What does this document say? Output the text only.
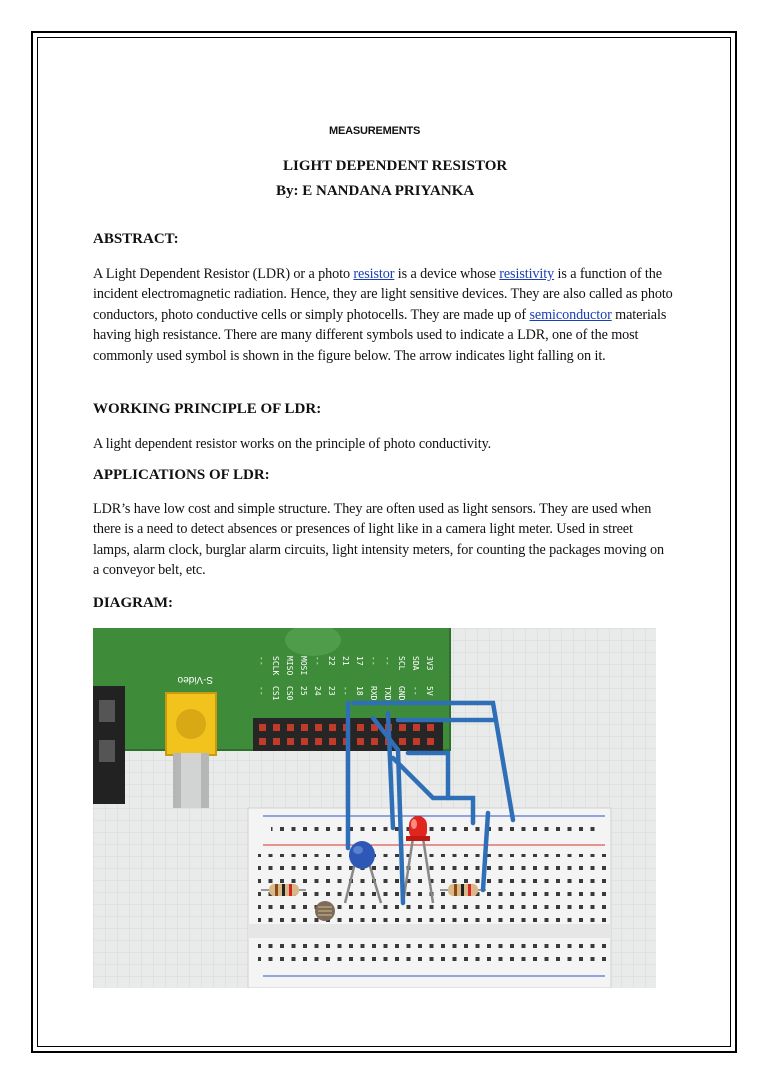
MEASUREMENTS
LIGHT DEPENDENT RESISTOR
By: E NANDANA PRIYANKA
ABSTRACT:
A Light Dependent Resistor (LDR) or a photo resistor is a device whose resistivity is a function of the incident electromagnetic radiation. Hence, they are light sensitive devices. They are also called as photo conductors, photo conductive cells or simply photocells. They are made up of semiconductor materials having high resistance. There are many different symbols used to indicate a LDR, one of the most commonly used symbol is shown in the figure below. The arrow indicates light falling on it.
WORKING PRINCIPLE OF LDR:
A light dependent resistor works on the principle of photo conductivity.
APPLICATIONS OF LDR:
LDR’s have low cost and simple structure. They are often used as light sensors. They are used when there is a need to detect absences or presences of light like in a camera light meter. Used in street lamps, alarm clock, burglar alarm circuits, light intensity meters, for counting the packages moving on a conveyor belt, etc.
DIAGRAM:
S-Video
-- SCLK MISO MOSI -- 22 21 17 -- -- SCL SDA 3V3
-- CS1 CS0 25 24 23 -- 18 RXD TXD GND -- 5V
